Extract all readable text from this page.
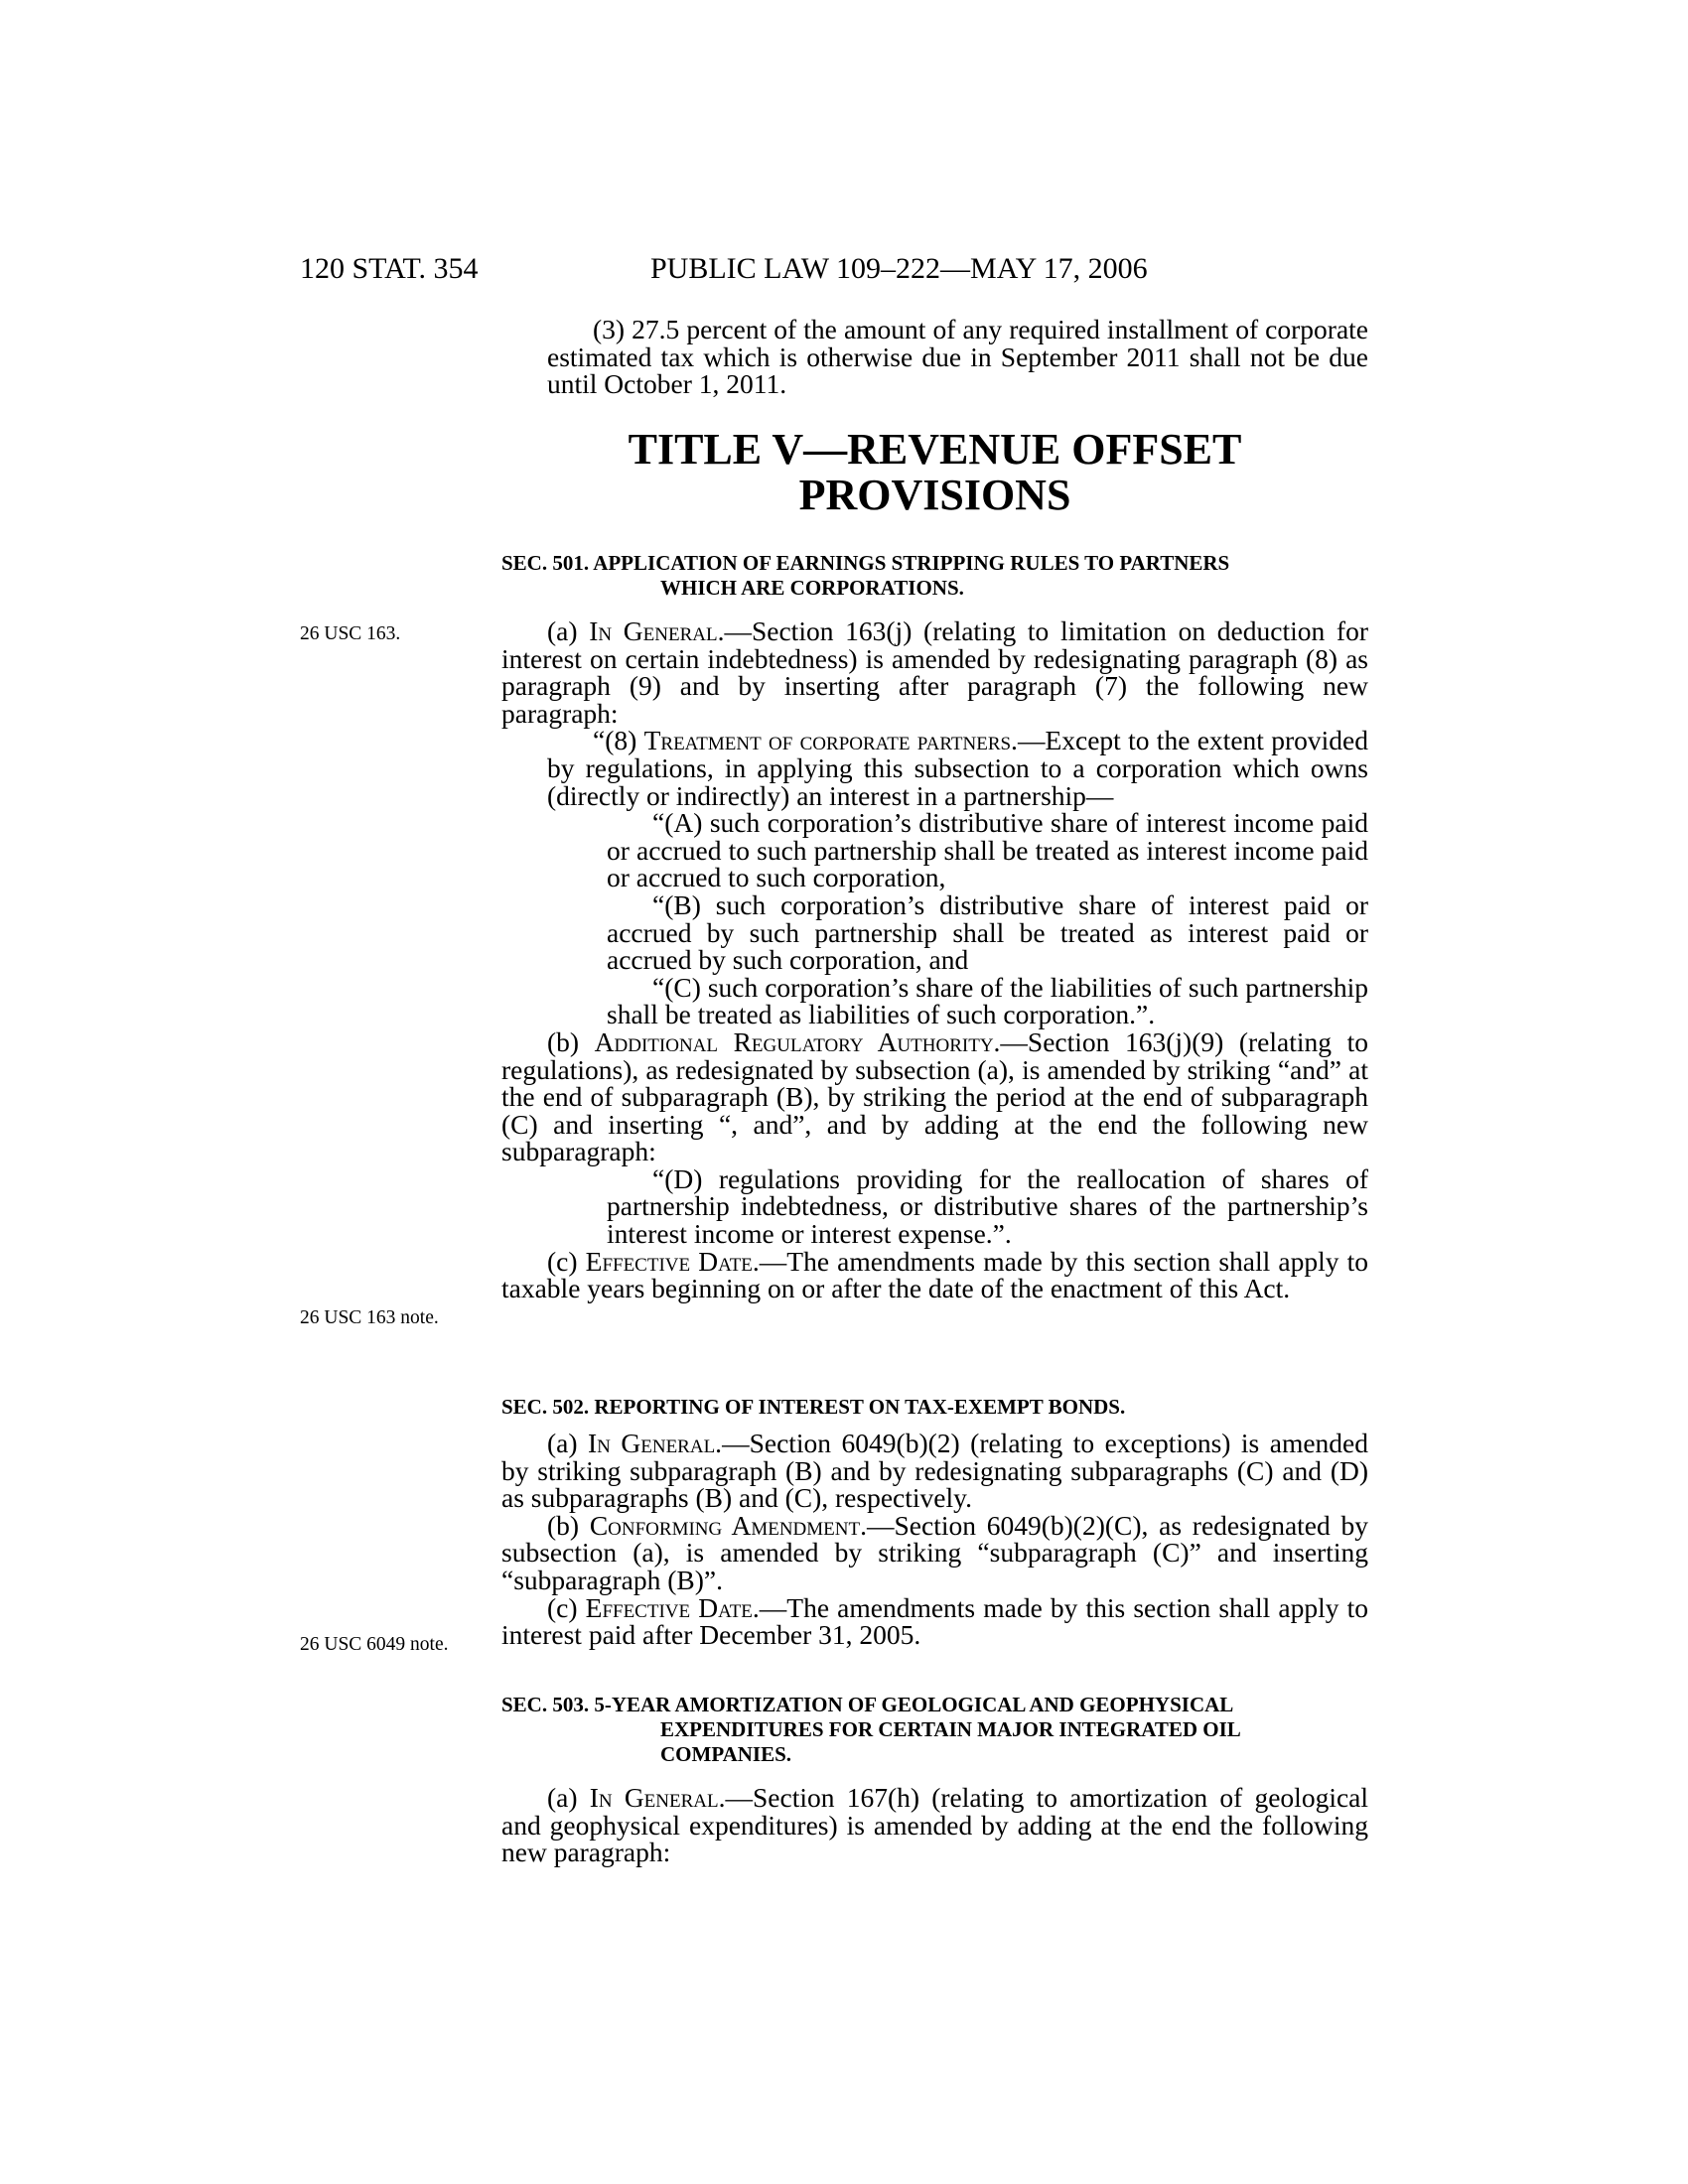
120 STAT. 354	PUBLIC LAW 109–222—MAY 17, 2006

(3) 27.5 percent of the amount of any required installment of corporate estimated tax which is otherwise due in September 2011 shall not be due until October 1, 2011.

TITLE V—REVENUE OFFSET
PROVISIONS
SEC. 501. APPLICATION OF EARNINGS STRIPPING RULES TO PARTNERS
WHICH ARE CORPORATIONS.
26 USC 163.	(a) In General.—Section 163(j) (relating to limitation on deduction for interest on certain indebtedness) is amended by redesignating paragraph (8) as paragraph (9) and by inserting after paragraph (7) the following new paragraph:

“(8) Treatment of corporate partners.—Except to the extent provided by regulations, in applying this subsection to a corporation which owns (directly or indirectly) an interest in a partnership—

“(A) such corporation’s distributive share of interest income paid or accrued to such partnership shall be treated as interest income paid or accrued to such corporation,

“(B) such corporation’s distributive share of interest paid or accrued by such partnership shall be treated as interest paid or accrued by such corporation, and

“(C) such corporation’s share of the liabilities of such partnership shall be treated as liabilities of such corporation.”.

(b) Additional Regulatory Authority.—Section 163(j)(9) (relating to regulations), as redesignated by subsection (a), is amended by striking “and” at the end of subparagraph (B), by striking the period at the end of subparagraph (C) and inserting “, and”, and by adding at the end the following new subparagraph:

“(D) regulations providing for the reallocation of shares of partnership indebtedness, or distributive shares of the partnership’s interest income or interest expense.”.

(c) Effective Date.—The amendments made by this section shall apply to taxable years beginning on or after the date of the enactment of this Act.

26 USC 163 note.
SEC. 502. REPORTING OF INTEREST ON TAX-EXEMPT BONDS.

(a) In General.—Section 6049(b)(2) (relating to exceptions) is amended by striking subparagraph (B) and by redesignating subparagraphs (C) and (D) as subparagraphs (B) and (C), respectively.

(b) Conforming Amendment.—Section 6049(b)(2)(C), as redesignated by subsection (a), is amended by striking “subparagraph (C)” and inserting “subparagraph (B)”.

(c) Effective Date.—The amendments made by this section shall apply to interest paid after December 31, 2005.

26 USC 6049 note.
SEC. 503. 5-YEAR AMORTIZATION OF GEOLOGICAL AND GEOPHYSICAL
EXPENDITURES FOR CERTAIN MAJOR INTEGRATED OIL COMPANIES.

(a) In General.—Section 167(h) (relating to amortization of geological and geophysical expenditures) is amended by adding at the end the following new paragraph:
